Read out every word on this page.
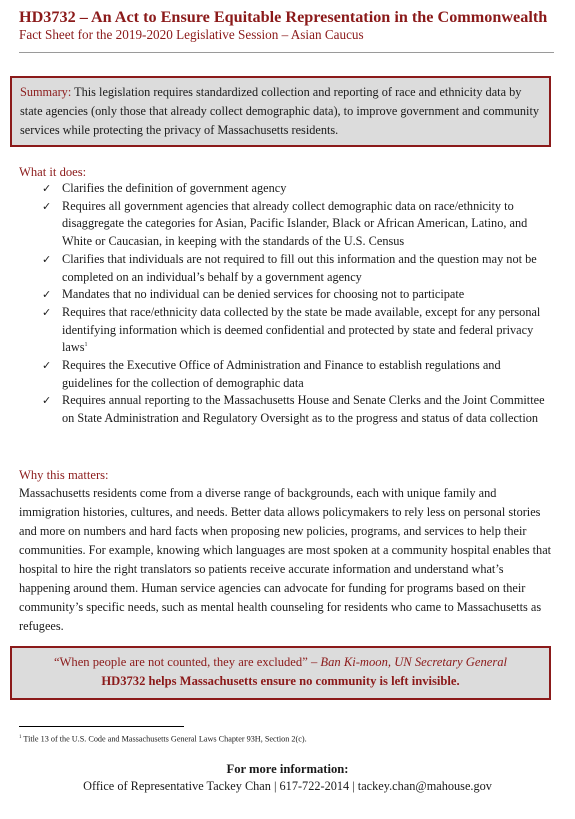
HD3732 – An Act to Ensure Equitable Representation in the Commonwealth
Fact Sheet for the 2019-2020 Legislative Session – Asian Caucus
Summary: This legislation requires standardized collection and reporting of race and ethnicity data by state agencies (only those that already collect demographic data), to improve government and community services while protecting the privacy of Massachusetts residents.
What it does:
✓ Clarifies the definition of government agency
✓ Requires all government agencies that already collect demographic data on race/ethnicity to disaggregate the categories for Asian, Pacific Islander, Black or African American, Latino, and White or Caucasian, in keeping with the standards of the U.S. Census
✓ Clarifies that individuals are not required to fill out this information and the question may not be completed on an individual’s behalf by a government agency
✓ Mandates that no individual can be denied services for choosing not to participate
✓ Requires that race/ethnicity data collected by the state be made available, except for any personal identifying information which is deemed confidential and protected by state and federal privacy laws$^1$
✓ Requires the Executive Office of Administration and Finance to establish regulations and guidelines for the collection of demographic data
✓ Requires annual reporting to the Massachusetts House and Senate Clerks and the Joint Committee on State Administration and Regulatory Oversight as to the progress and status of data collection
Why this matters:
Massachusetts residents come from a diverse range of backgrounds, each with unique family and immigration histories, cultures, and needs. Better data allows policymakers to rely less on personal stories and more on numbers and hard facts when proposing new policies, programs, and services to help their communities. For example, knowing which languages are most spoken at a community hospital enables that hospital to hire the right translators so patients receive accurate information and understand what’s happening around them. Human service agencies can advocate for funding for programs based on their community’s specific needs, such as mental health counseling for residents who came to Massachusetts as refugees.
“When people are not counted, they are excluded” – Ban Ki-moon, UN Secretary General
HD3732 helps Massachusetts ensure no community is left invisible.
$^1$ Title 13 of the U.S. Code and Massachusetts General Laws Chapter 93H, Section 2(c).
For more information:
Office of Representative Tackey Chan | 617-722-2014 | tackey.chan@mahouse.gov
